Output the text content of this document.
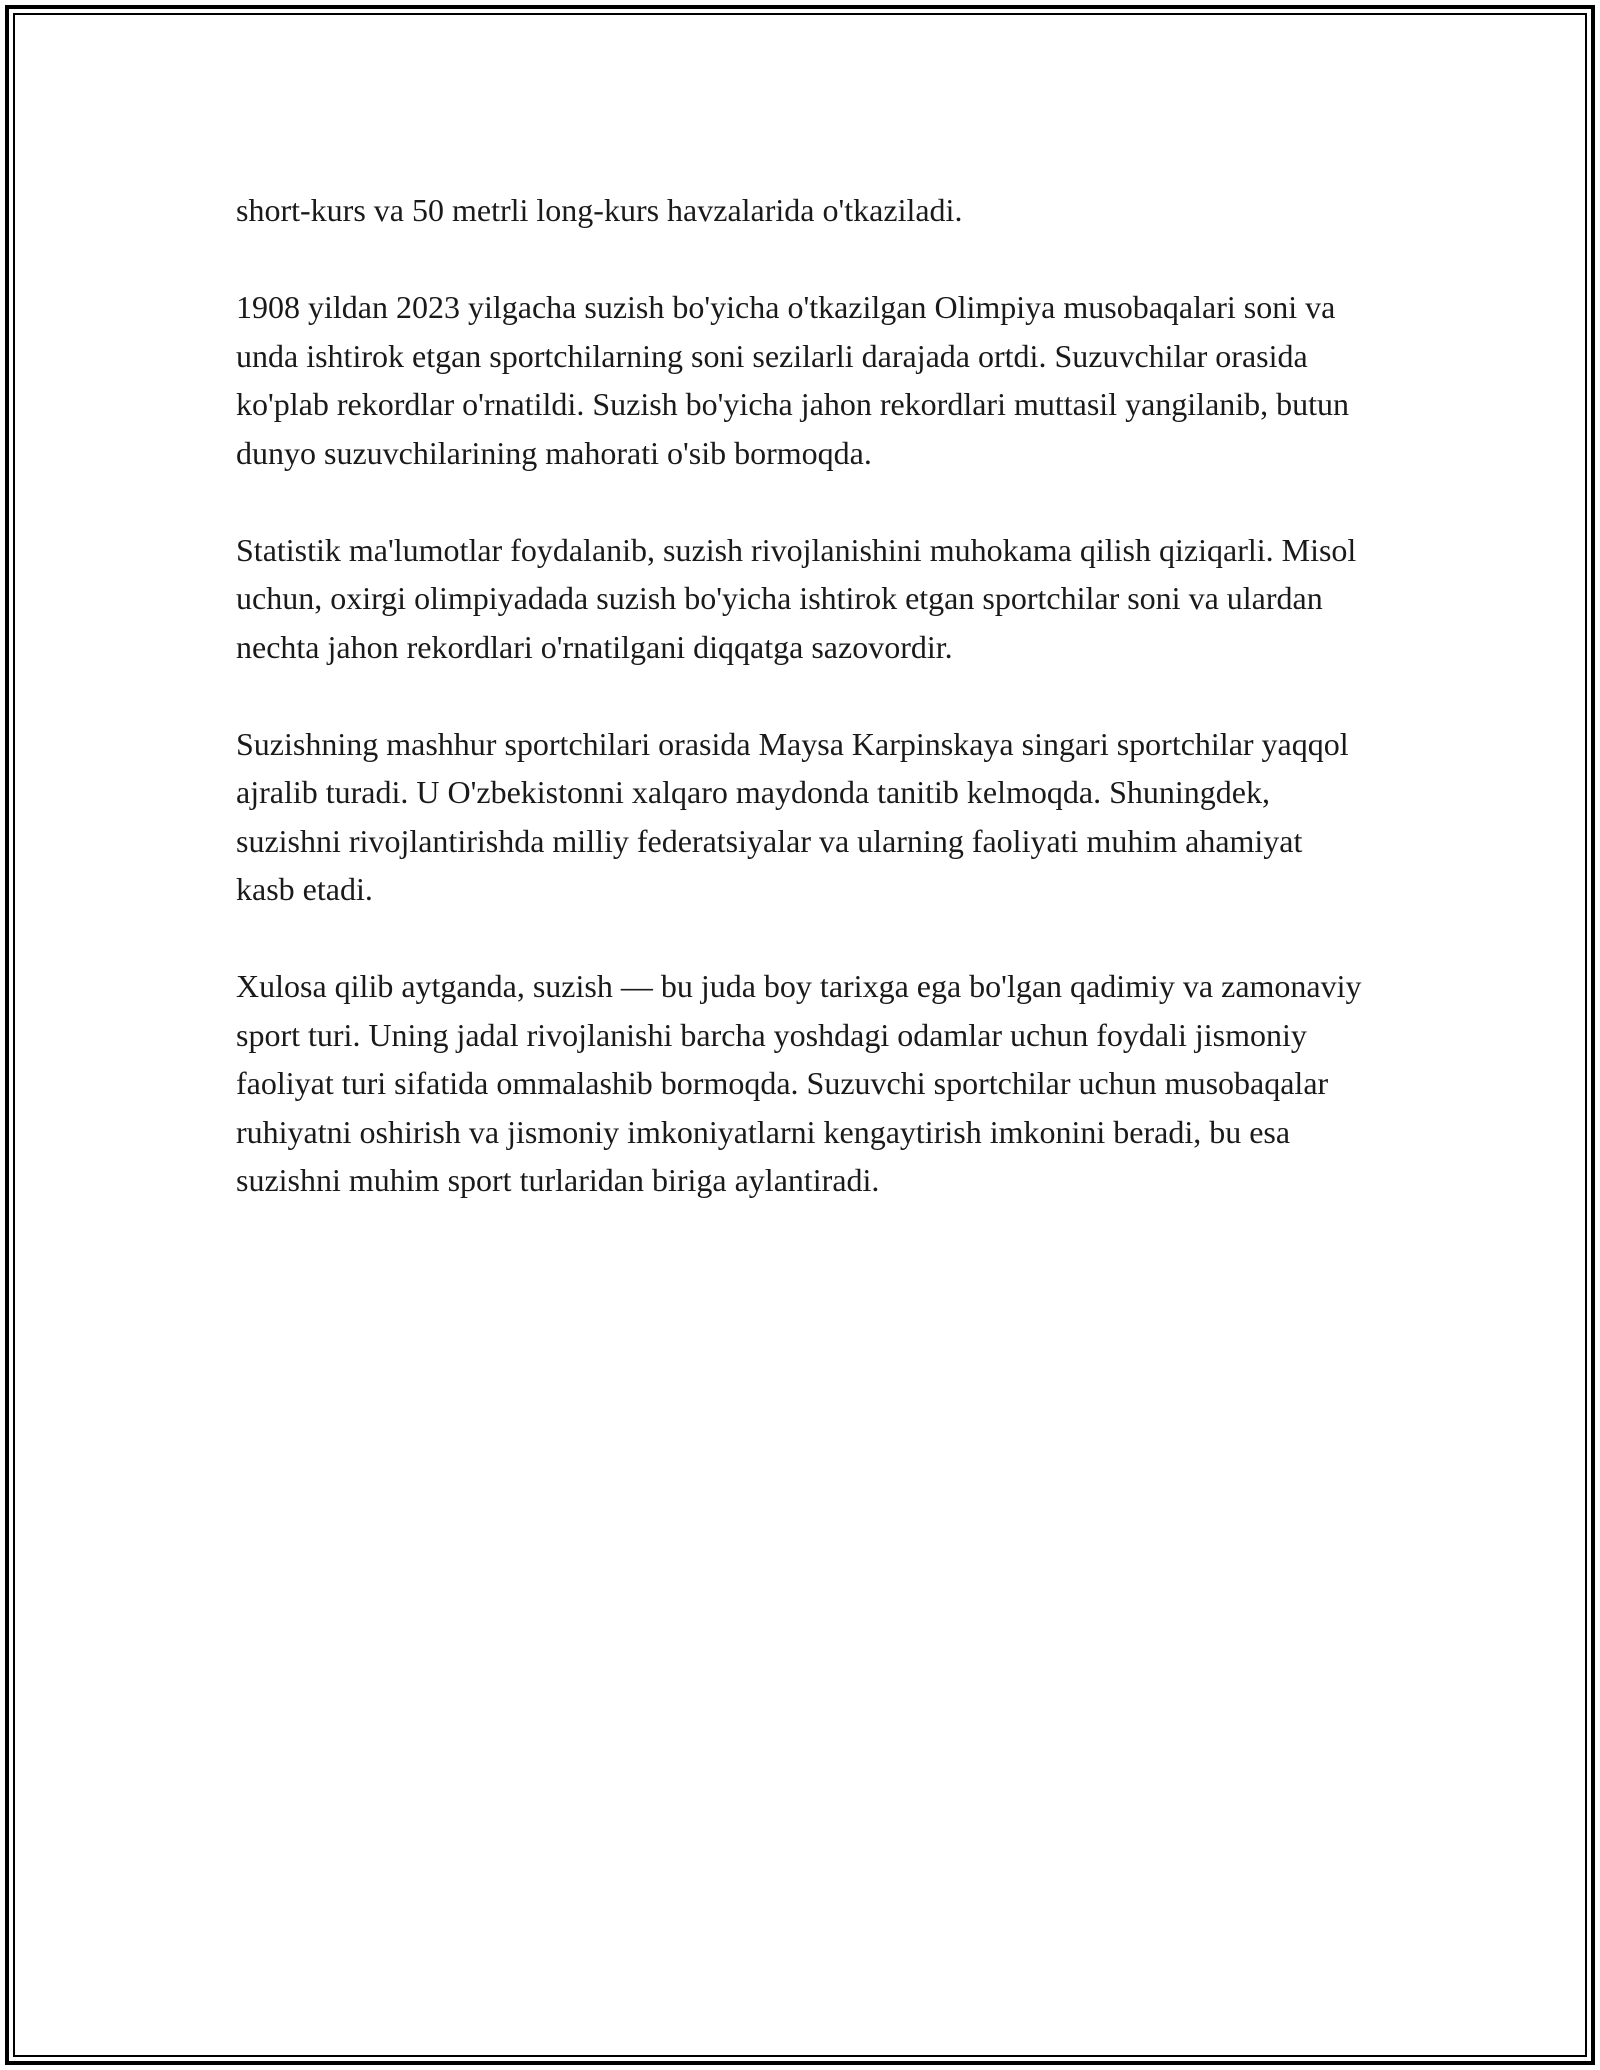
short-kurs va 50 metrli long-kurs havzalarida o'tkaziladi.

1908 yildan 2023 yilgacha suzish bo'yicha o'tkazilgan Olimpiya musobaqalari soni va unda ishtirok etgan sportchilarning soni sezilarli darajada ortdi. Suzuvchilar orasida ko'plab rekordlar o'rnatildi. Suzish bo'yicha jahon rekordlari muttasil yangilanib, butun dunyo suzuvchilarining mahorati o'sib bormoqda.

Statistik ma'lumotlar foydalanib, suzish rivojlanishini muhokama qilish qiziqarli. Misol uchun, oxirgi olimpiyadada suzish bo'yicha ishtirok etgan sportchilar soni va ulardan nechta jahon rekordlari o'rnatilgani diqqatga sazovordir.

Suzishning mashhur sportchilari orasida Maysa Karpinskaya singari sportchilar yaqqol ajralib turadi. U O'zbekistonni xalqaro maydonda tanitib kelmoqda. Shuningdek, suzishni rivojlantirishda milliy federatsiyalar va ularning faoliyati muhim ahamiyat kasb etadi.

Xulosa qilib aytganda, suzish — bu juda boy tarixga ega bo'lgan qadimiy va zamonaviy sport turi. Uning jadal rivojlanishi barcha yoshdagi odamlar uchun foydali jismoniy faoliyat turi sifatida ommalashib bormoqda. Suzuvchi sportchilar uchun musobaqalar ruhiyatni oshirish va jismoniy imkoniyatlarni kengaytirish imkonini beradi, bu esa suzishni muhim sport turlaridan biriga aylantiradi.
